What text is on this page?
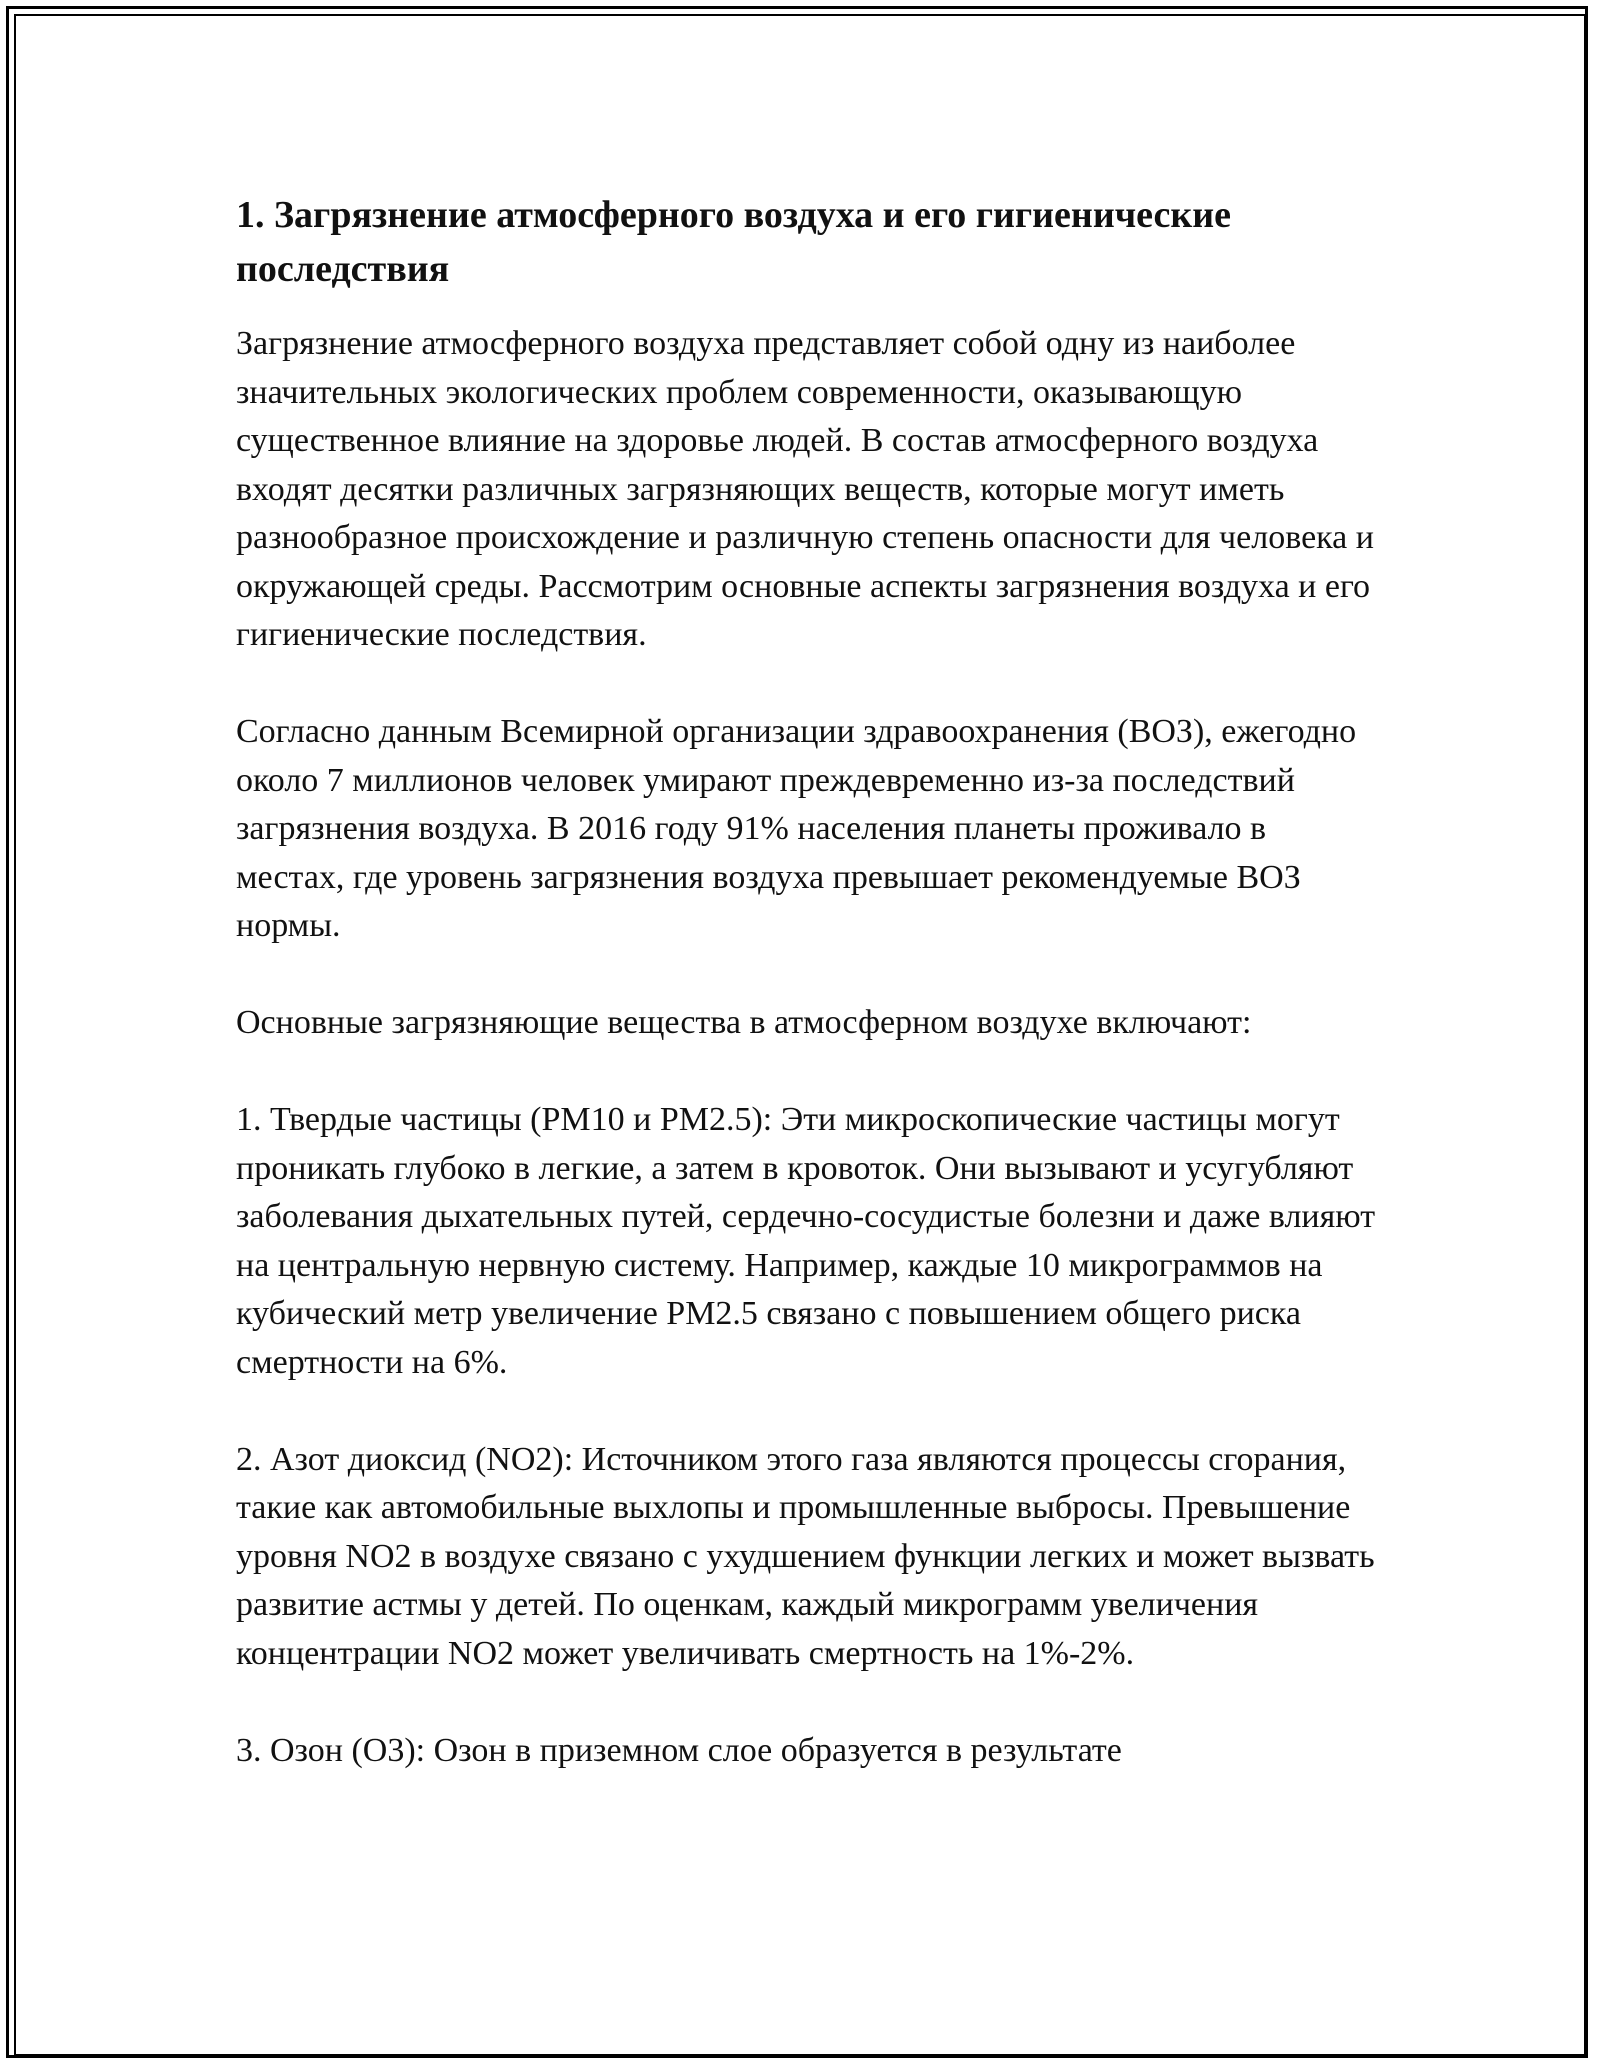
1. Загрязнение атмосферного воздуха и его гигиенические последствия

Загрязнение атмосферного воздуха представляет собой одну из наиболее значительных экологических проблем современности, оказывающую существенное влияние на здоровье людей. В состав атмосферного воздуха входят десятки различных загрязняющих веществ, которые могут иметь разнообразное происхождение и различную степень опасности для человека и окружающей среды. Рассмотрим основные аспекты загрязнения воздуха и его гигиенические последствия.

Согласно данным Всемирной организации здравоохранения (ВОЗ), ежегодно около 7 миллионов человек умирают преждевременно из-за последствий загрязнения воздуха. В 2016 году 91% населения планеты проживало в местах, где уровень загрязнения воздуха превышает рекомендуемые ВОЗ нормы.

Основные загрязняющие вещества в атмосферном воздухе включают:

1. Твердые частицы (PM10 и PM2.5): Эти микроскопические частицы могут проникать глубоко в легкие, а затем в кровоток. Они вызывают и усугубляют заболевания дыхательных путей, сердечно-сосудистые болезни и даже влияют на центральную нервную систему. Например, каждые 10 микрограммов на кубический метр увеличение PM2.5 связано с повышением общего риска смертности на 6%.

2. Азот диоксид (NO2): Источником этого газа являются процессы сгорания, такие как автомобильные выхлопы и промышленные выбросы. Превышение уровня NO2 в воздухе связано с ухудшением функции легких и может вызвать развитие астмы у детей. По оценкам, каждый микрограмм увеличения концентрации NO2 может увеличивать смертность на 1%-2%.

3. Озон (O3): Озон в приземном слое образуется в результате
